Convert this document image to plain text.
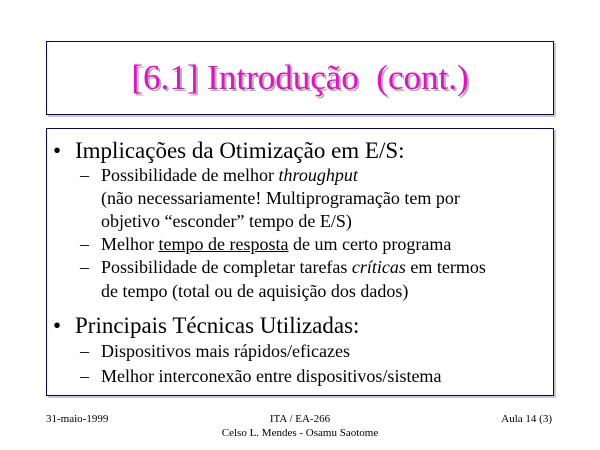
[6.1] Introdução  (cont.)
• Implicações da Otimização em E/S:
– Possibilidade de melhor throughput
(não necessariamente! Multiprogramação tem por
objetivo “esconder” tempo de E/S)
– Melhor tempo de resposta de um certo programa
– Possibilidade de completar tarefas críticas em termos
de tempo (total ou de aquisição dos dados)
• Principais Técnicas Utilizadas:
– Dispositivos mais rápidos/eficazes
– Melhor interconexão entre dispositivos/sistema
31-maio-1999	ITA / EA-266
Celso L. Mendes - Osamu Saotome
Aula 14 (3)
